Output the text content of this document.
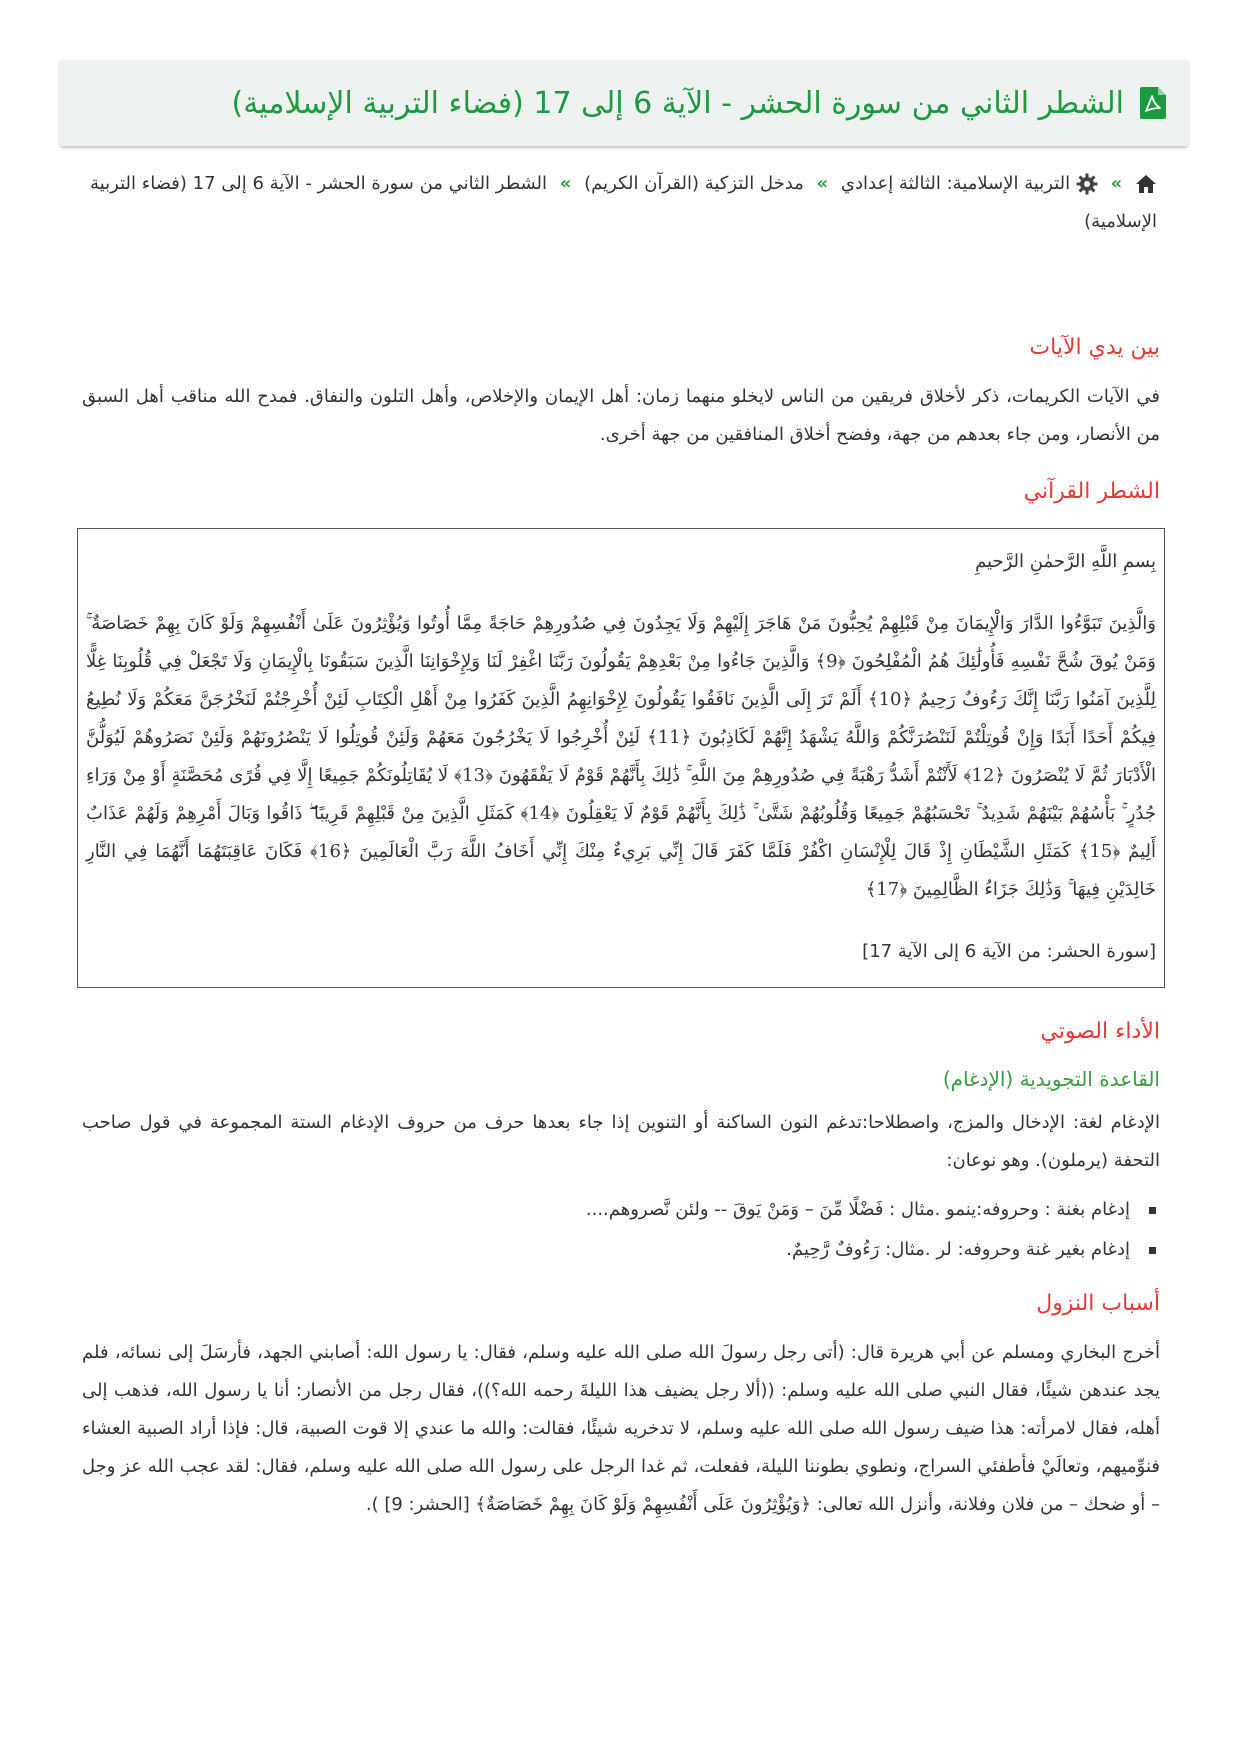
الشطر الثاني من سورة الحشر - الآية 6 إلى 17 (فضاء التربية الإسلامية)
»  التربية الإسلامية: الثالثة إعدادي » مدخل التزكية (القرآن الكريم) » الشطر الثاني من سورة الحشر - الآية 6 إلى 17 (فضاء التربية الإسلامية)
بين يدي الآيات

في الآيات الكريمات، ذكر لأخلاق فريقين من الناس لايخلو منهما زمان: أهل الإيمان والإخلاص، وأهل التلون والنفاق. فمدح الله مناقب أهل السبق من الأنصار، ومن جاء بعدهم من جهة، وفضح أخلاق المنافقين من جهة أخرى.

الشطر القرآني

بِسمِ اللَّهِ الرَّحمٰنِ الرَّحيمِ

وَالَّذِينَ تَبَوَّءُوا الدَّارَ وَالْإِيمَانَ مِنْ قَبْلِهِمْ يُحِبُّونَ مَنْ هَاجَرَ إِلَيْهِمْ وَلَا يَجِدُونَ فِي صُدُورِهِمْ حَاجَةً مِمَّا أُوتُوا وَيُؤْثِرُونَ عَلَىٰ أَنْفُسِهِمْ وَلَوْ كَانَ بِهِمْ خَصَاصَةٌ ۚ وَمَنْ يُوقَ شُحَّ نَفْسِهِ فَأُولَٰئِكَ هُمُ الْمُفْلِحُونَ ﴿9﴾ وَالَّذِينَ جَاءُوا مِنْ بَعْدِهِمْ يَقُولُونَ رَبَّنَا اغْفِرْ لَنَا وَلِإِخْوَانِنَا الَّذِينَ سَبَقُونَا بِالْإِيمَانِ وَلَا تَجْعَلْ فِي قُلُوبِنَا غِلًّا لِلَّذِينَ آمَنُوا رَبَّنَا إِنَّكَ رَءُوفٌ رَحِيمٌ ﴿10﴾ أَلَمْ تَرَ إِلَى الَّذِينَ نَافَقُوا يَقُولُونَ لِإِخْوَانِهِمُ الَّذِينَ كَفَرُوا مِنْ أَهْلِ الْكِتَابِ لَئِنْ أُخْرِجْتُمْ لَنَخْرُجَنَّ مَعَكُمْ وَلَا نُطِيعُ فِيكُمْ أَحَدًا أَبَدًا وَإِنْ قُوتِلْتُمْ لَنَنْصُرَنَّكُمْ وَاللَّهُ يَشْهَدُ إِنَّهُمْ لَكَاذِبُونَ ﴿11﴾ لَئِنْ أُخْرِجُوا لَا يَخْرُجُونَ مَعَهُمْ وَلَئِنْ قُوتِلُوا لَا يَنْصُرُونَهُمْ وَلَئِنْ نَصَرُوهُمْ لَيُوَلُّنَّ الْأَدْبَارَ ثُمَّ لَا يُنْصَرُونَ ﴿12﴾ لَأَنْتُمْ أَشَدُّ رَهْبَةً فِي صُدُورِهِمْ مِنَ اللَّهِ ۚ ذَٰلِكَ بِأَنَّهُمْ قَوْمٌ لَا يَفْقَهُونَ ﴿13﴾ لَا يُقَاتِلُونَكُمْ جَمِيعًا إِلَّا فِي قُرًى مُحَصَّنَةٍ أَوْ مِنْ وَرَاءِ جُدُرٍ ۚ بَأْسُهُمْ بَيْنَهُمْ شَدِيدٌ ۚ تَحْسَبُهُمْ جَمِيعًا وَقُلُوبُهُمْ شَتَّىٰ ۚ ذَٰلِكَ بِأَنَّهُمْ قَوْمٌ لَا يَعْقِلُونَ ﴿14﴾ كَمَثَلِ الَّذِينَ مِنْ قَبْلِهِمْ قَرِيبًا ۖ ذَاقُوا وَبَالَ أَمْرِهِمْ وَلَهُمْ عَذَابٌ أَلِيمٌ ﴿15﴾ كَمَثَلِ الشَّيْطَانِ إِذْ قَالَ لِلْإِنْسَانِ اكْفُرْ فَلَمَّا كَفَرَ قَالَ إِنِّي بَرِيءٌ مِنْكَ إِنِّي أَخَافُ اللَّهَ رَبَّ الْعَالَمِينَ ﴿16﴾ فَكَانَ عَاقِبَتَهُمَا أَنَّهُمَا فِي النَّارِ خَالِدَيْنِ فِيهَا ۚ وَذَٰلِكَ جَزَاءُ الظَّالِمِينَ ﴿17﴾

[سورة الحشر: من الآية 6 إلى الآية 17]

الأداء الصوتي
القاعدة التجويدية (الإدغام)

الإدغام لغة: الإدخال والمزج، واصطلاحا:تدغم النون الساكنة أو التنوين إذا جاء بعدها حرف من حروف الإدغام الستة المجموعة في قول صاحب التحفة (يرملون). وهو نوعان:

إدغام بغنة : وحروفه:ينمو .مثال : فَضْلًا مِّنَ – وَمَنْ يَوقَ -- ولئن نَّصروهم....
إدغام بغير غنة وحروفه: لر .مثال: رَءُوفٌ رَّحِيمٌ.
أسباب النزول

أخرج البخاري ومسلم عن أبي هريرة قال: (أتى رجل رسولَ الله صلى الله عليه وسلم، فقال: يا رسول الله: أصابني الجهد، فأرسَلَ إلى نسائه، فلم يجد عندهن شيئًا، فقال النبي صلى الله عليه وسلم: ((ألا رجل يضيف هذا الليلةَ رحمه الله؟))، فقال رجل من الأنصار: أنا يا رسول الله، فذهب إلى أهله، فقال لامرأته: هذا ضيف رسول الله صلى الله عليه وسلم، لا تدخريه شيئًا، فقالت: والله ما عندي إلا قوت الصبية، قال: فإذا أراد الصبية العشاء فنوِّميهم، وتعالَيْ فأطفئي السراج، ونطوي بطوننا الليلة، ففعلت، ثم غدا الرجل على رسول الله صلى الله عليه وسلم، فقال: لقد عجب الله عز وجل – أو ضحك – من فلان وفلانة، وأنزل الله تعالى: ﴿وَيُؤْثِرُونَ عَلَى أَنْفُسِهِمْ وَلَوْ كَانَ بِهِمْ خَصَاصَةٌ﴾ [الحشر: 9] ).
